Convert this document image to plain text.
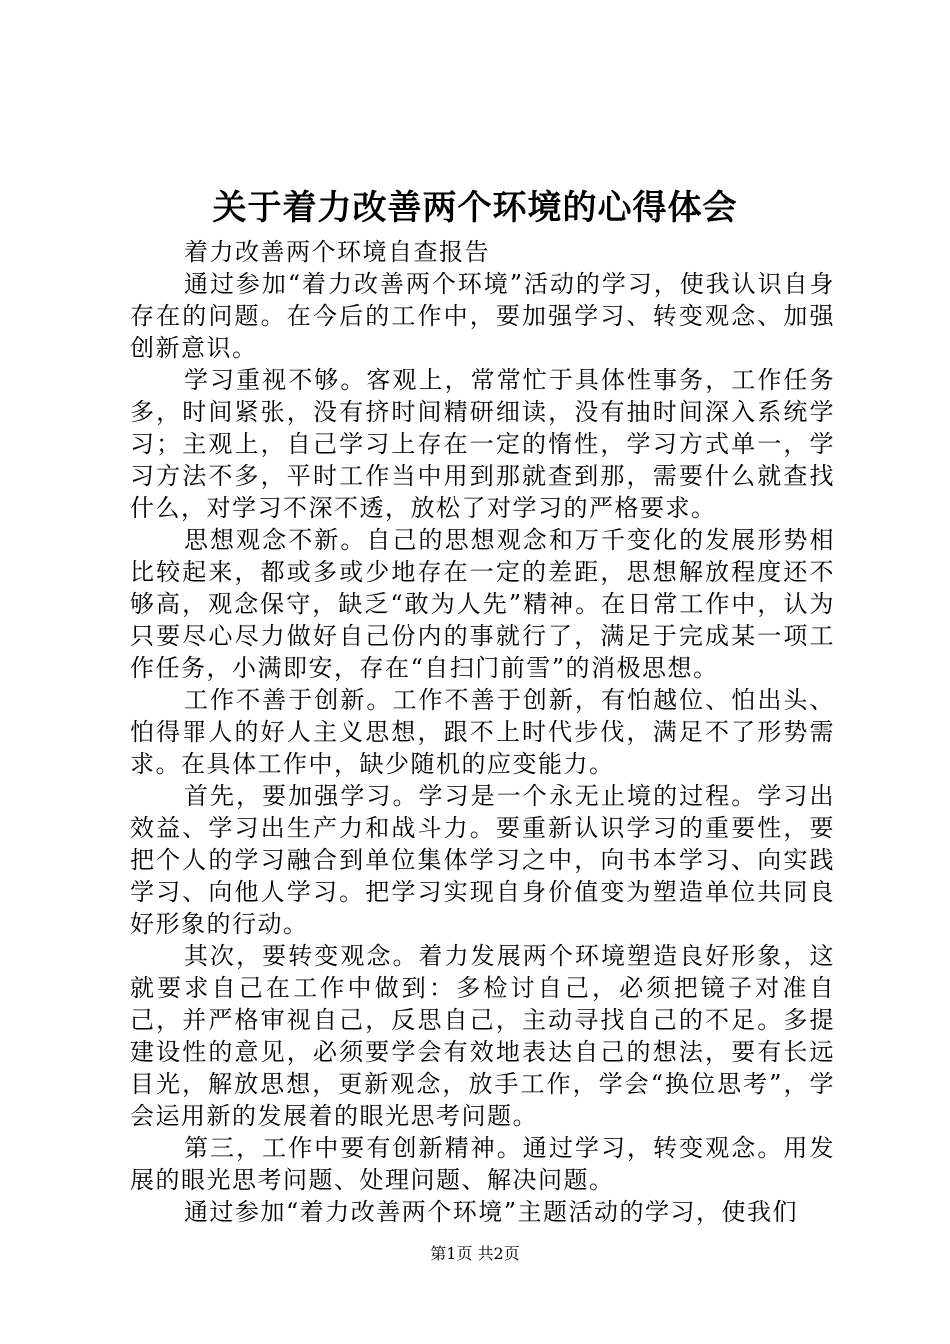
关于着力改善两个环境的心得体会

着力改善两个环境自查报告

通过参加“着力改善两个环境”活动的学习，使我认识自身存在的问题。在今后的工作中，要加强学习、转变观念、加强创新意识。

学习重视不够。客观上，常常忙于具体性事务，工作任务多，时间紧张，没有挤时间精研细读，没有抽时间深入系统学习；主观上，自己学习上存在一定的惰性，学习方式单一，学习方法不多，平时工作当中用到那就查到那，需要什么就查找什么，对学习不深不透，放松了对学习的严格要求。

思想观念不新。自己的思想观念和万千变化的发展形势相比较起来，都或多或少地存在一定的差距，思想解放程度还不够高，观念保守，缺乏“敢为人先”精神。在日常工作中，认为只要尽心尽力做好自己份内的事就行了，满足于完成某一项工作任务，小满即安，存在“自扫门前雪”的消极思想。

工作不善于创新。工作不善于创新，有怕越位、怕出头、怕得罪人的好人主义思想，跟不上时代步伐，满足不了形势需求。在具体工作中，缺少随机的应变能力。

首先，要加强学习。学习是一个永无止境的过程。学习出效益、学习出生产力和战斗力。要重新认识学习的重要性，要把个人的学习融合到单位集体学习之中，向书本学习、向实践学习、向他人学习。把学习实现自身价值变为塑造单位共同良好形象的行动。

其次，要转变观念。着力发展两个环境塑造良好形象，这就要求自己在工作中做到：多检讨自己，必须把镜子对准自己，并严格审视自己，反思自己，主动寻找自己的不足。多提建设性的意见，必须要学会有效地表达自己的想法，要有长远目光，解放思想，更新观念，放手工作，学会“换位思考”，学会运用新的发展着的眼光思考问题。

第三，工作中要有创新精神。通过学习，转变观念。用发展的眼光思考问题、处理问题、解决问题。

通过参加“着力改善两个环境”主题活动的学习，使我们

第1页 共2页
